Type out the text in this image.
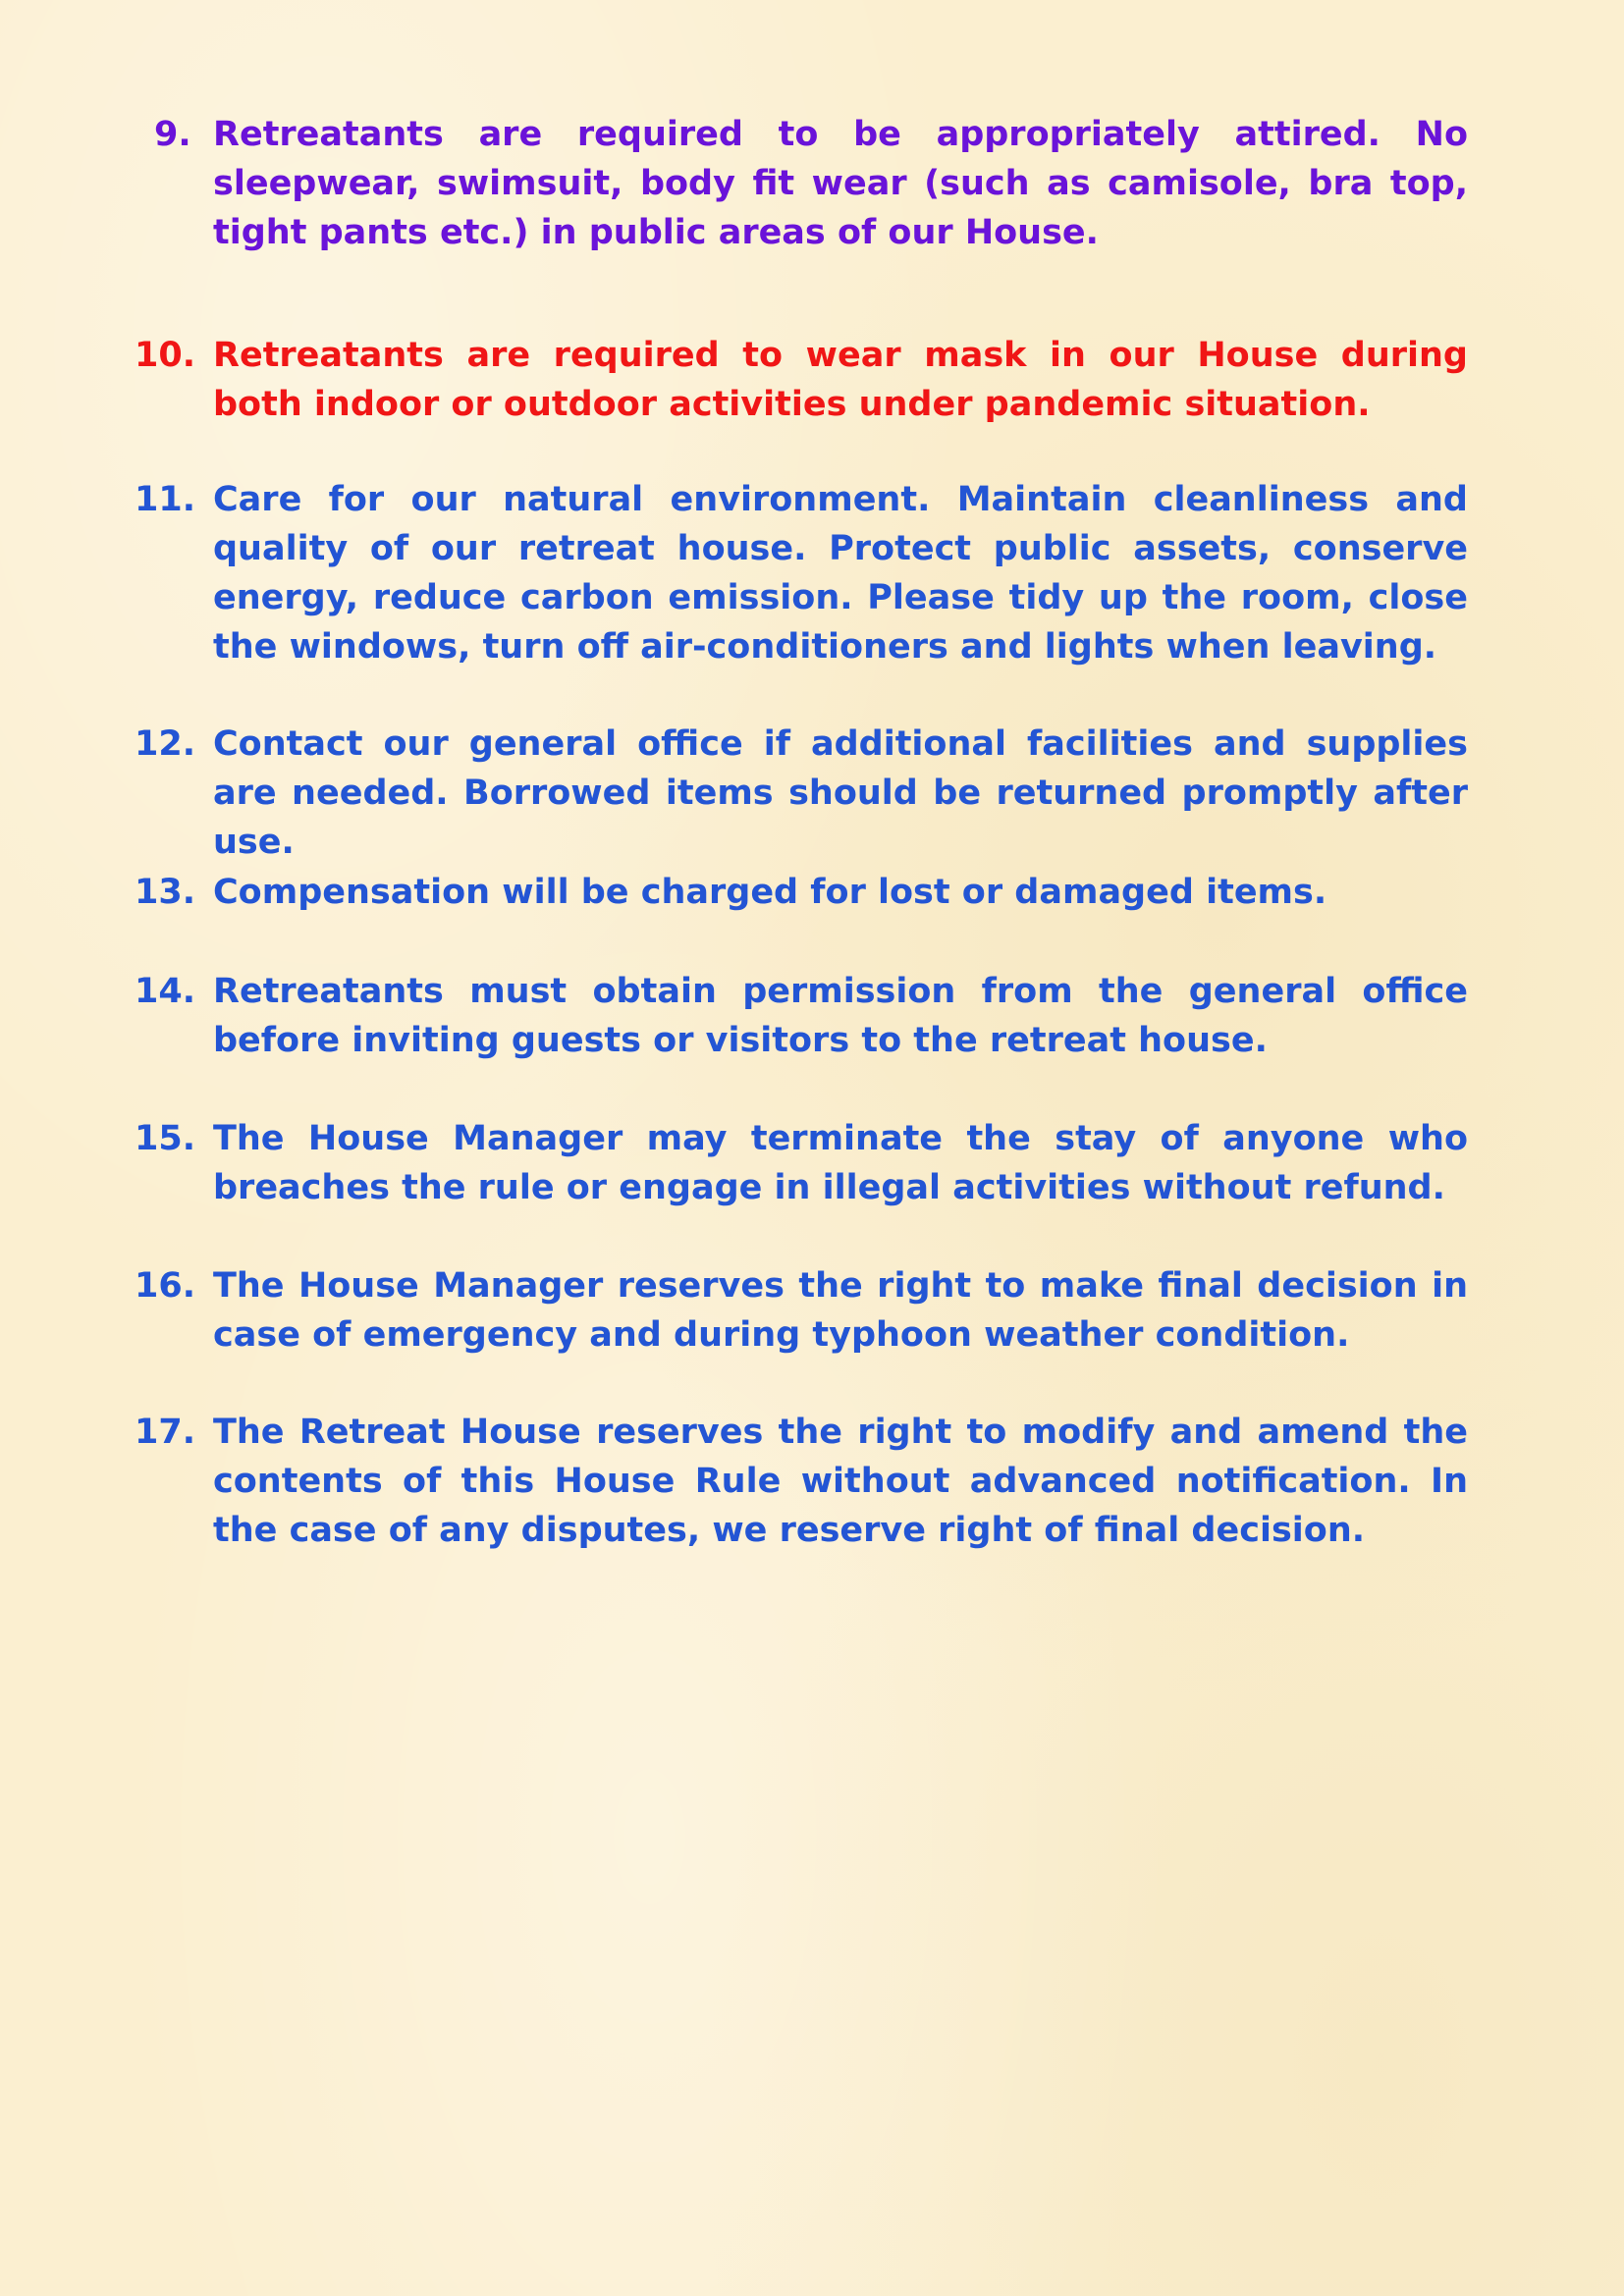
9. Retreatants are required to be appropriately attired. No sleepwear, swimsuit, body fit wear (such as camisole, bra top, tight pants etc.) in public areas of our House.
10. Retreatants are required to wear mask in our House during both indoor or outdoor activities under pandemic situation.
11. Care for our natural environment. Maintain cleanliness and quality of our retreat house. Protect public assets, conserve energy, reduce carbon emission. Please tidy up the room, close the windows, turn off air-conditioners and lights when leaving.
12. Contact our general office if additional facilities and supplies are needed. Borrowed items should be returned promptly after use.
13. Compensation will be charged for lost or damaged items.
14. Retreatants must obtain permission from the general office before inviting guests or visitors to the retreat house.
15. The House Manager may terminate the stay of anyone who breaches the rule or engage in illegal activities without refund.
16. The House Manager reserves the right to make final decision in case of emergency and during typhoon weather condition.
17. The Retreat House reserves the right to modify and amend the contents of this House Rule without advanced notification. In the case of any disputes, we reserve right of final decision.
